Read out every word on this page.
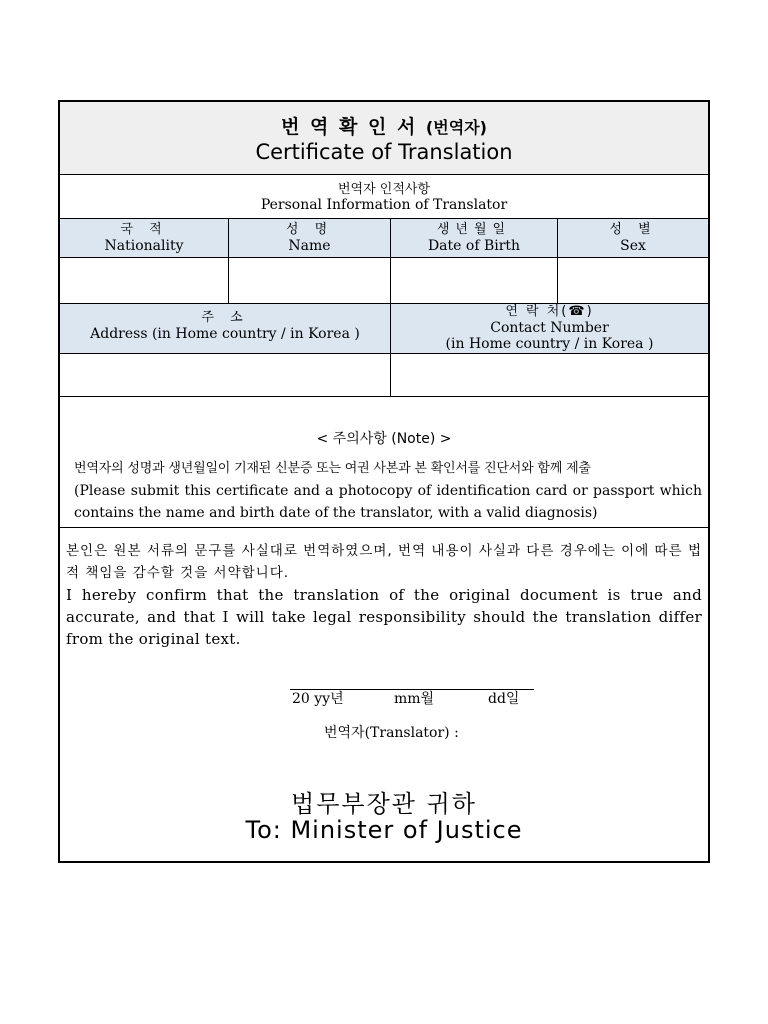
번 역 확 인 서 (번역자)
Certificate of Translation
번역자 인적사항
Personal Information of Translator
국 적
Nationality
성 명
Name
생년월일
Date of Birth
성 별
Sex
주 소
Address (in Home country / in Korea )
연 락 처(☎)
Contact Number
(in Home country / in Korea )
< 주의사항 (Note) >
번역자의 성명과 생년월일이 기재된 신분증 또는 여권 사본과 본 확인서를 진단서와 함께 제출
(Please submit this certificate and a photocopy of identification card or passport which contains the name and birth date of the translator, with a valid diagnosis)
본인은 원본 서류의 문구를 사실대로 번역하였으며, 번역 내용이 사실과 다른 경우에는 이에 따른 법적 책임을 감수할 것을 서약합니다.
I hereby confirm that the translation of the original document is true and accurate, and that I will take legal responsibility should the translation differ from the original text.
20 yy년	mm월	dd일
번역자(Translator) :
법무부장관 귀하
To: Minister of Justice
